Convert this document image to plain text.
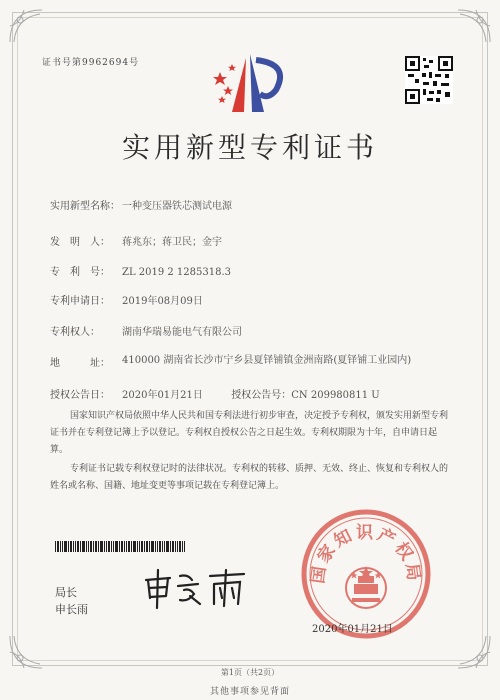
证书号第9962694号
实用新型专利证书
实用新型名称： 一种变压器铁芯测试电源
发　明　人： 蒋兆东；蒋卫民；金宇
专　利　号： ZL 2019 2 1285318.3
专利申请日： 2019年08月09日
专利权人： 湖南华瑞易能电气有限公司
地　　　址：	410000 湖南省长沙市宁乡县夏铎铺镇金洲南路(夏铎铺工业园内)
授权公告日： 2020年01月21日	授权公告号：CN 209980811 U
国家知识产权局依照中华人民共和国专利法进行初步审查，决定授予专利权，颁发实用新型专利证书并在专利登记簿上予以登记。专利权自授权公告之日起生效。专利权期限为十年，自申请日起算。
专利证书记载专利权登记时的法律状况。专利权的转移、质押、无效、终止、恢复和专利权人的姓名或名称、国籍、地址变更等事项记载在专利登记簿上。
局长
申长雨
国家知识产权局
2020年01月21日
第1页（共2页）
其他事项参见背面
